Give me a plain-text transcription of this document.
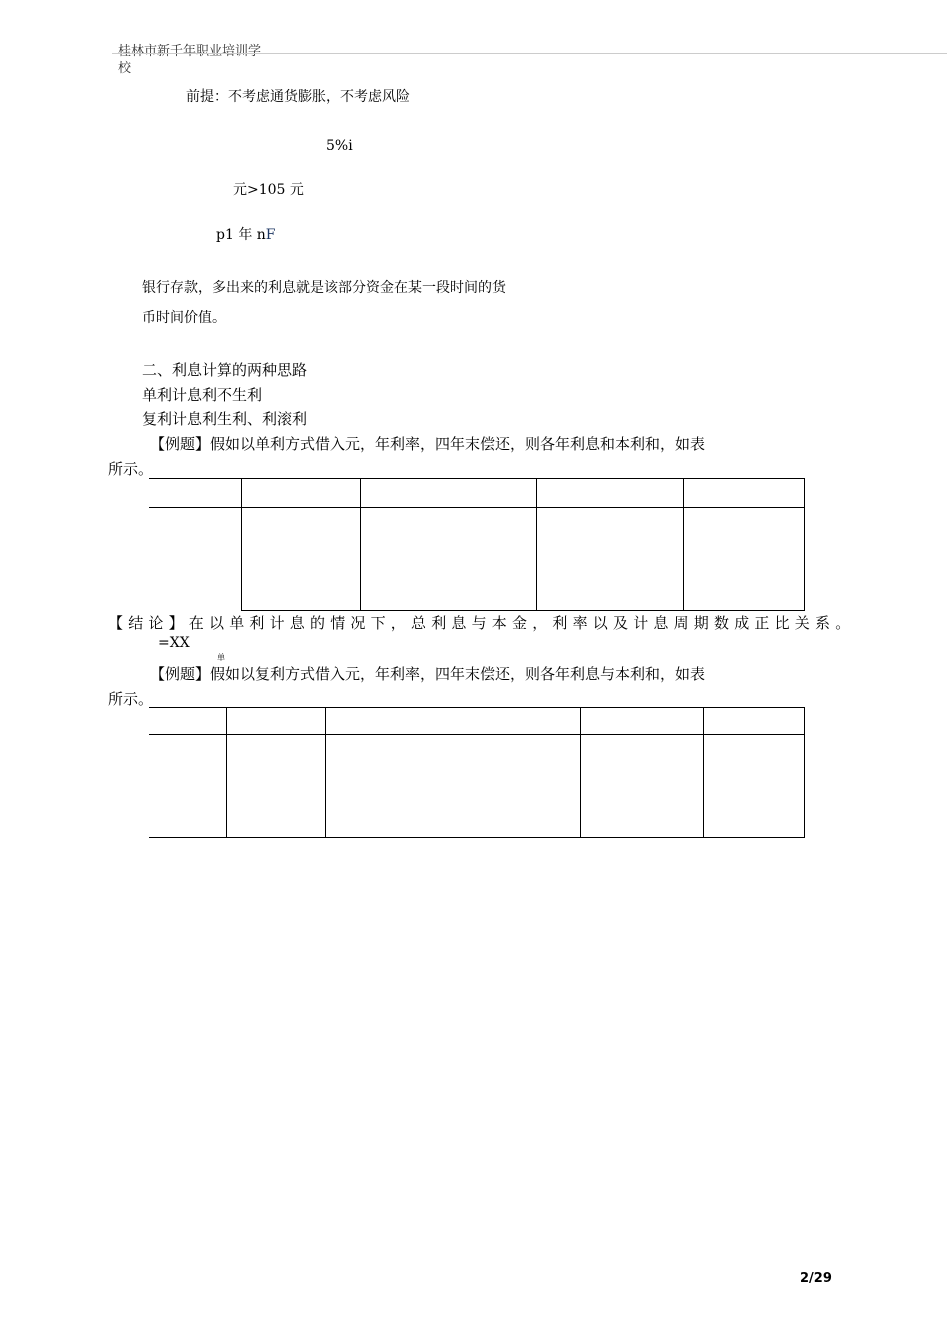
桂林市新千年职业培训学
校
前提：不考虑通货膨胀，不考虑风险
5%i
元>105 元
p1 年 nF
银行存款，多出来的利息就是该部分资金在某一段时间的货
币时间价值。
二、利息计算的两种思路
单利计息利不生利
复利计息利生利、利滚利
【例题】假如以单利方式借入元，年利率，四年末偿还，则各年利息和本利和，如表
所示。

【结论】在以单利计息的情况下，总利息与本金，利率以及计息周期数成正比关系。
=XX
单
【例题】假如以复利方式借入元，年利率，四年末偿还，则各年利息与本利和，如表
所示。

2/29
